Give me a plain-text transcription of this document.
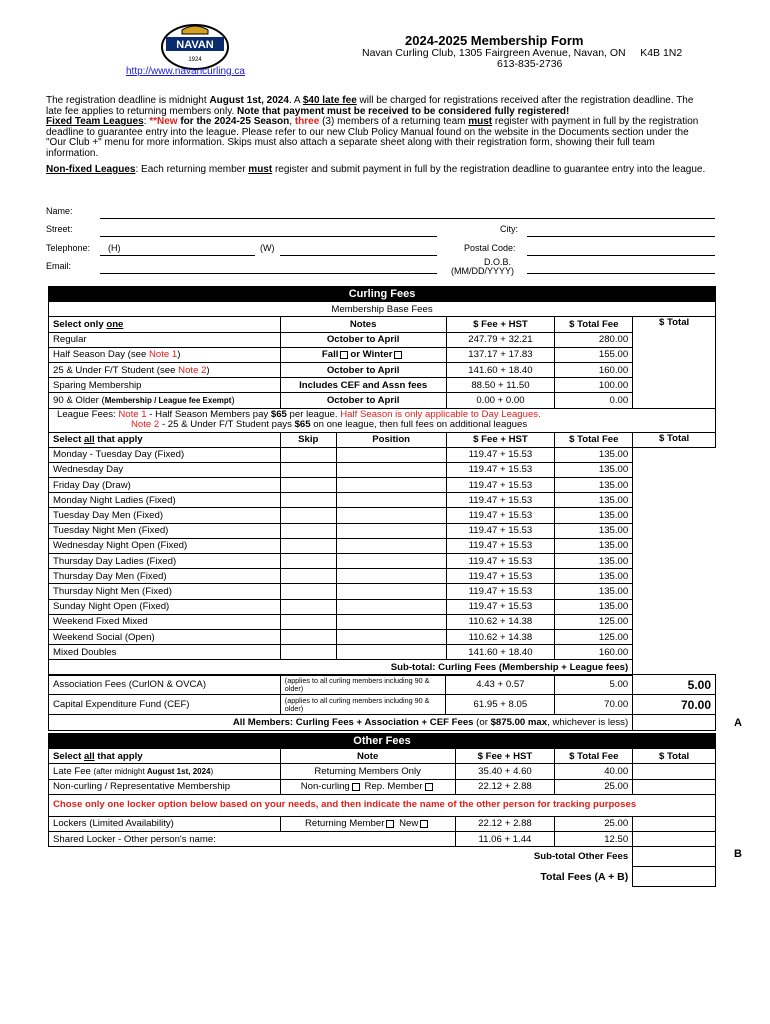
NAVAN
1924
2024-2025 Membership Form
Navan Curling Club, 1305 Fairgreen Avenue, Navan, ON     K4B 1N2
613-835-2736
http://www.navancurling.ca

The registration deadline is midnight August 1st, 2024. A $40 late fee will be charged for registrations received after the registration deadline. The late fee applies to returning members only. Note that payment must be received to be considered fully registered!

Fixed Team Leagues: **New for the 2024-25 Season, three (3) members of a returning team must register with payment in full by the registration deadline to guarantee entry into the league. Please refer to our new Club Policy Manual found on the website in the Documents section under the "Our Club +" menu for more information. Skips must also attach a separate sheet along with their registration form, showing their full team information.

Non-fixed Leagues: Each returning member must register and submit payment in full by the registration deadline to guarantee entry into the league.

Name:
Street:	City:
Telephone: (H)	(W)	Postal Code:
Email:	D.O.B.
(MM/DD/YYYY)
Curling Fees					
Membership Base Fees					
Select only one	Notes		$ Fee + HST	$ Total Fee	$ Total
Regular	October to April		247.79 + 32.21	280.00	
Half Season Day (see Note 1)	Fall or Winter		137.17 + 17.83	155.00	
25 & Under F/T Student (see Note 2)	October to April		141.60 + 18.40	160.00	
Sparing Membership	Includes CEF and Assn fees		88.50 + 11.50	100.00	
90 & Older (Membership / League fee Exempt)	October to April		0.00 + 0.00	0.00	

League Fees: Note 1 - Half Season Members pay $65 per league. Half Season is only applicable to Day Leagues.
Note 2 - 25 & Under F/T Student pays $65 on one league, then full fees on additional leagues					

Select all that apply	Skip	Position	$ Fee + HST	$ Total Fee	$ Total
Monday - Tuesday Day (Fixed)			119.47 + 15.53	135.00	
Wednesday Day			119.47 + 15.53	135.00	
Friday Day (Draw)			119.47 + 15.53	135.00	
Monday Night Ladies (Fixed)			119.47 + 15.53	135.00	
Tuesday Day Men (Fixed)			119.47 + 15.53	135.00	
Tuesday Night Men (Fixed)			119.47 + 15.53	135.00	
Wednesday Night Open (Fixed)			119.47 + 15.53	135.00	
Thursday Day Ladies (Fixed)			119.47 + 15.53	135.00	
Thursday Day Men (Fixed)			119.47 + 15.53	135.00	
Thursday Night Men (Fixed)			119.47 + 15.53	135.00	
Sunday Night Open (Fixed)			119.47 + 15.53	135.00	
Weekend Fixed Mixed			110.62 + 14.38	125.00	
Weekend Social (Open)			110.62 + 14.38	125.00	
Mixed Doubles			141.60 + 18.40	160.00	
Sub-total: Curling Fees (Membership + League fees)					
Association Fees (CurlON & OVCA)	(applies to all curling members including 90 & older)	4.43 + 0.57	5.00	5.00
Capital Expenditure Fund (CEF)	(applies to all curling members including 90 & older)	61.95 + 8.05	70.00	70.00
All Members: Curling Fees + Association + CEF Fees (or $875.00 max, whichever is less)					A
Other Fees				
Select all that apply	Note	$ Fee + HST	$ Total Fee	$ Total
Late Fee (after midnight August 1st, 2024)	Returning Members Only	35.40 + 4.60	40.00	
Non-curling / Representative Membership	Non-curling Rep. Member	22.12 + 2.88	25.00	
Chose only one locker option below based on your needs, and then indicate the name of the other person for tracking purposes				
Lockers (Limited Availability)	Returning Member New	22.12 + 2.88	25.00	
Shared Locker - Other person's name:		11.06 + 1.44	12.50	
Sub-total Other Fees				
Total Fees (A + B)				
B
